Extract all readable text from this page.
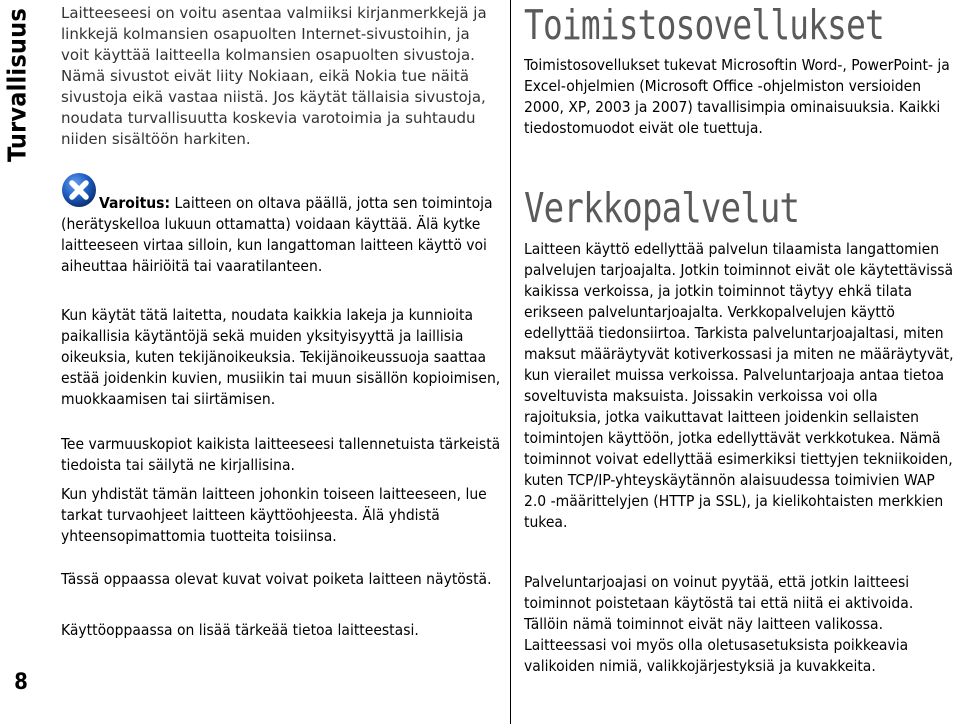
Turvallisuus
8

Laitteeseesi on voitu asentaa valmiiksi kirjanmerkkejä ja linkkejä kolmansien osapuolten Internet-sivustoihin, ja voit käyttää laitteella kolmansien osapuolten sivustoja. Nämä sivustot eivät liity Nokiaan, eikä Nokia tue näitä sivustoja eikä vastaa niistä. Jos käytät tällaisia sivustoja, noudata turvallisuutta koskevia varotoimia ja suhtaudu niiden sisältöön harkiten.

Varoitus: Laitteen on oltava päällä, jotta sen toimintoja (herätyskelloa lukuun ottamatta) voidaan käyttää. Älä kytke laitteeseen virtaa silloin, kun langattoman laitteen käyttö voi aiheuttaa häiriöitä tai vaaratilanteen.

Kun käytät tätä laitetta, noudata kaikkia lakeja ja kunnioita paikallisia käytäntöjä sekä muiden yksityisyyttä ja laillisia oikeuksia, kuten tekijänoikeuksia. Tekijänoikeussuoja saattaa estää joidenkin kuvien, musiikin tai muun sisällön kopioimisen, muokkaamisen tai siirtämisen.

Tee varmuuskopiot kaikista laitteeseesi tallennetuista tärkeistä tiedoista tai säilytä ne kirjallisina.

Kun yhdistät tämän laitteen johonkin toiseen laitteeseen, lue tarkat turvaohjeet laitteen käyttöohjeesta. Älä yhdistä yhteensopimattomia tuotteita toisiinsa.

Tässä oppaassa olevat kuvat voivat poiketa laitteen näytöstä.

Käyttöoppaassa on lisää tärkeää tietoa laitteestasi.

Toimistosovellukset

Toimistosovellukset tukevat Microsoftin Word-, PowerPoint- ja Excel-ohjelmien (Microsoft Office -ohjelmiston versioiden 2000, XP, 2003 ja 2007) tavallisimpia ominaisuuksia. Kaikki tiedostomuodot eivät ole tuettuja.

Verkkopalvelut

Laitteen käyttö edellyttää palvelun tilaamista langattomien palvelujen tarjoajalta. Jotkin toiminnot eivät ole käytettävissä kaikissa verkoissa, ja jotkin toiminnot täytyy ehkä tilata erikseen palveluntarjoajalta. Verkkopalvelujen käyttö edellyttää tiedonsiirtoa. Tarkista palveluntarjoajaltasi, miten maksut määräytyvät kotiverkossasi ja miten ne määräytyvät, kun vierailet muissa verkoissa. Palveluntarjoaja antaa tietoa soveltuvista maksuista. Joissakin verkoissa voi olla rajoituksia, jotka vaikuttavat laitteen joidenkin sellaisten toimintojen käyttöön, jotka edellyttävät verkkotukea. Nämä toiminnot voivat edellyttää esimerkiksi tiettyjen tekniikoiden, kuten TCP/IP-yhteyskäytännön alaisuudessa toimivien WAP 2.0 -määrittelyjen (HTTP ja SSL), ja kielikohtaisten merkkien tukea.

Palveluntarjoajasi on voinut pyytää, että jotkin laitteesi toiminnot poistetaan käytöstä tai että niitä ei aktivoida. Tällöin nämä toiminnot eivät näy laitteen valikossa. Laitteessasi voi myös olla oletusasetuksista poikkeavia valikoiden nimiä, valikkojärjestyksiä ja kuvakkeita.
